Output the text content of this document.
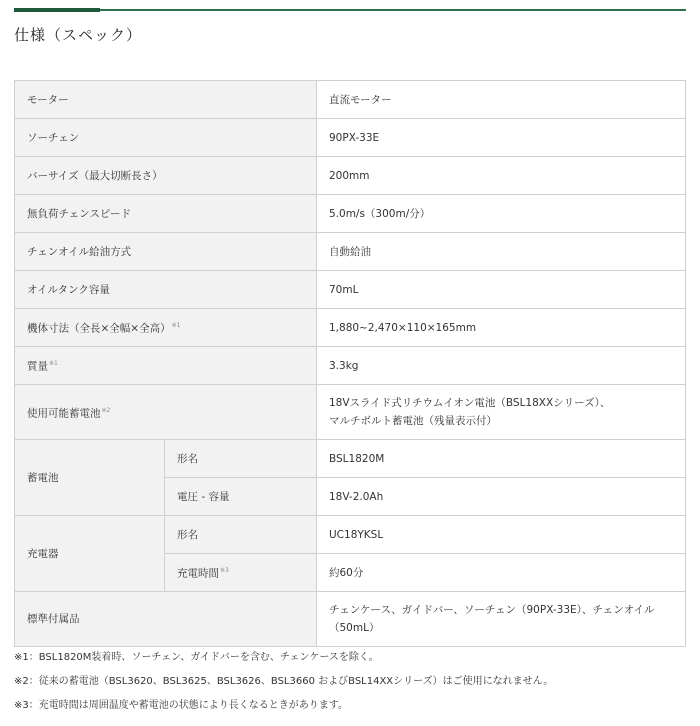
仕様（スペック）
モーター		直流モーター
ソーチェン		90PX-33E
バーサイズ（最大切断長さ）		200mm
無負荷チェンスピード		5.0m/s（300m/分）
チェンオイル給油方式		自動給油
オイルタンク容量		70mL
機体寸法（全長×全幅×全高）$^{※1}$		1,880~2,470×110×165mm
質量$^{※1}$		3.3kg
使用可能蓄電池$^{※2}$		18Vスライド式リチウムイオン電池（BSL18XXシリーズ）、
マルチボルト蓄電池（残量表示付）
蓄電池	形名	BSL1820M
	電圧 - 容量	18V-2.0Ah
充電器	形名	UC18YKSL
	充電時間$^{※3}$	約60分
標準付属品		チェンケース、ガイドバー、ソーチェン（90PX-33E）、チェンオイル
（50mL）

※1：BSL1820M装着時、ソーチェン、ガイドバーを含む、チェンケースを除く。

※2：従来の蓄電池（BSL3620、BSL3625、BSL3626、BSL3660 およびBSL14XXシリーズ）はご使用になれません。

※3：充電時間は周囲温度や蓄電池の状態により長くなるときがあります。
